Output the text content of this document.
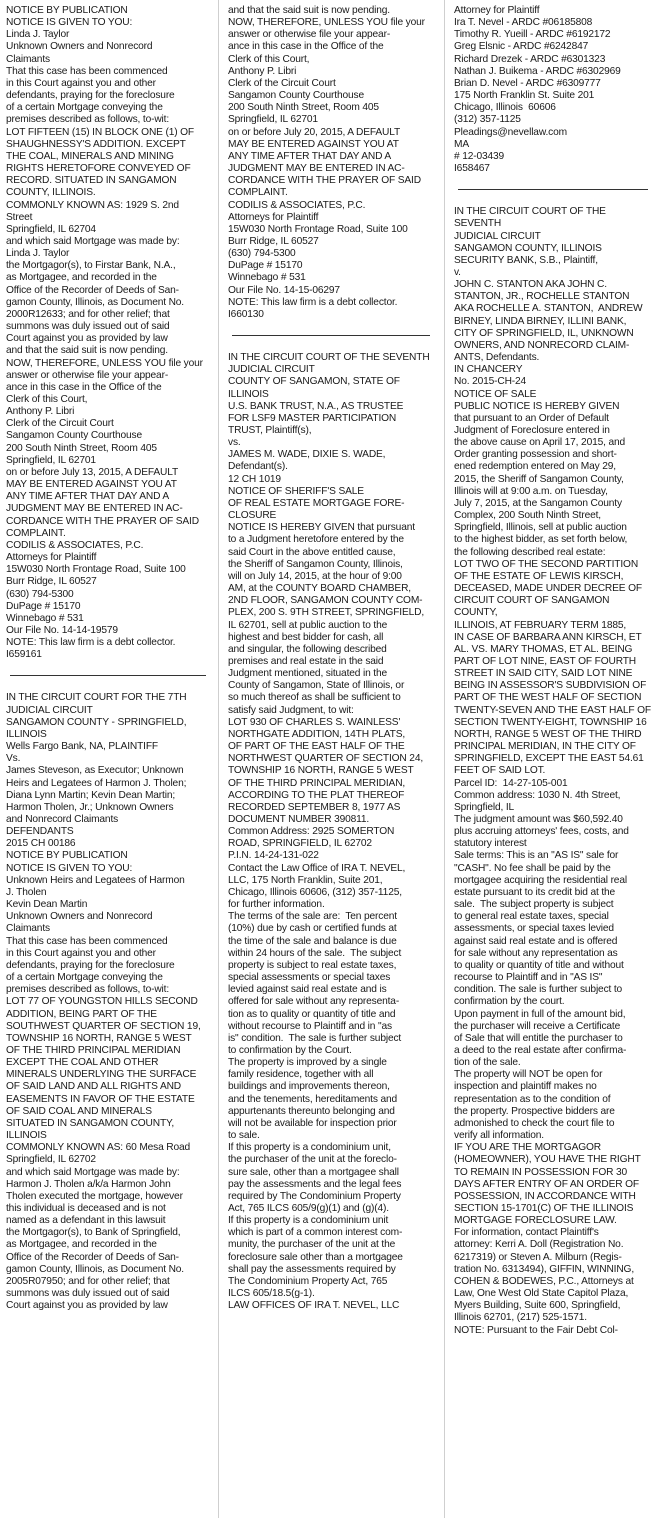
NOTICE BY PUBLICATION
NOTICE IS GIVEN TO YOU:
Linda J. Taylor
Unknown Owners and Nonrecord
Claimants
That this case has been commenced
in this Court against you and other
defendants, praying for the foreclosure
of a certain Mortgage conveying the
premises described as follows, to-wit:
LOT FIFTEEN (15) IN BLOCK ONE (1) OF
SHAUGHNESSY'S ADDITION. EXCEPT
THE COAL, MINERALS AND MINING
RIGHTS HERETOFORE CONVEYED OF
RECORD. SITUATED IN SANGAMON
COUNTY, ILLINOIS.
COMMONLY KNOWN AS: 1929 S. 2nd
Street
Springfield, IL 62704
and which said Mortgage was made by:
Linda J. Taylor
the Mortgagor(s), to Firstar Bank, N.A.,
as Mortgagee, and recorded in the
Office of the Recorder of Deeds of San-
gamon County, Illinois, as Document No.
2000R12633; and for other relief; that
summons was duly issued out of said
Court against you as provided by law
and that the said suit is now pending.
NOW, THEREFORE, UNLESS YOU file your
answer or otherwise file your appear-
ance in this case in the Office of the
Clerk of this Court,
Anthony P. Libri
Clerk of the Circuit Court
Sangamon County Courthouse
200 South Ninth Street, Room 405
Springfield, IL 62701
on or before July 13, 2015, A DEFAULT
MAY BE ENTERED AGAINST YOU AT
ANY TIME AFTER THAT DAY AND A
JUDGMENT MAY BE ENTERED IN AC-
CORDANCE WITH THE PRAYER OF SAID
COMPLAINT.
CODILIS & ASSOCIATES, P.C.
Attorneys for Plaintiff
15W030 North Frontage Road, Suite 100
Burr Ridge, IL 60527
(630) 794-5300
DuPage # 15170
Winnebago # 531
Our File No. 14-14-19579
NOTE: This law firm is a debt collector.
I659161
IN THE CIRCUIT COURT FOR THE 7TH
JUDICIAL CIRCUIT
SANGAMON COUNTY - SPRINGFIELD,
ILLINOIS
Wells Fargo Bank, NA, PLAINTIFF
Vs.
James Steveson, as Executor; Unknown
Heirs and Legatees of Harmon J. Tholen;
Diana Lynn Martin; Kevin Dean Martin;
Harmon Tholen, Jr.; Unknown Owners
and Nonrecord Claimants
DEFENDANTS
2015 CH 00186
NOTICE BY PUBLICATION
NOTICE IS GIVEN TO YOU:
Unknown Heirs and Legatees of Harmon
J. Tholen
Kevin Dean Martin
Unknown Owners and Nonrecord
Claimants
That this case has been commenced
in this Court against you and other
defendants, praying for the foreclosure
of a certain Mortgage conveying the
premises described as follows, to-wit:
LOT 77 OF YOUNGSTON HILLS SECOND
ADDITION, BEING PART OF THE
SOUTHWEST QUARTER OF SECTION 19,
TOWNSHIP 16 NORTH, RANGE 5 WEST
OF THE THIRD PRINCIPAL MERIDIAN
EXCEPT THE COAL AND OTHER
MINERALS UNDERLYING THE SURFACE
OF SAID LAND AND ALL RIGHTS AND
EASEMENTS IN FAVOR OF THE ESTATE
OF SAID COAL AND MINERALS
SITUATED IN SANGAMON COUNTY,
ILLINOIS
COMMONLY KNOWN AS: 60 Mesa Road
Springfield, IL 62702
and which said Mortgage was made by:
Harmon J. Tholen a/k/a Harmon John
Tholen executed the mortgage, however
this individual is deceased and is not
named as a defendant in this lawsuit
the Mortgagor(s), to Bank of Springfield,
as Mortgagee, and recorded in the
Office of the Recorder of Deeds of San-
gamon County, Illinois, as Document No.
2005R07950; and for other relief; that
summons was duly issued out of said
Court against you as provided by law
and that the said suit is now pending.
NOW, THEREFORE, UNLESS YOU file your
answer or otherwise file your appear-
ance in this case in the Office of the
Clerk of this Court,
Anthony P. Libri
Clerk of the Circuit Court
Sangamon County Courthouse
200 South Ninth Street, Room 405
Springfield, IL 62701
on or before July 20, 2015, A DEFAULT
MAY BE ENTERED AGAINST YOU AT
ANY TIME AFTER THAT DAY AND A
JUDGMENT MAY BE ENTERED IN AC-
CORDANCE WITH THE PRAYER OF SAID
COMPLAINT.
CODILIS & ASSOCIATES, P.C.
Attorneys for Plaintiff
15W030 North Frontage Road, Suite 100
Burr Ridge, IL 60527
(630) 794-5300
DuPage # 15170
Winnebago # 531
Our File No. 14-15-06297
NOTE: This law firm is a debt collector.
I660130
IN THE CIRCUIT COURT OF THE SEVENTH
JUDICIAL CIRCUIT
COUNTY OF SANGAMON, STATE OF
ILLINOIS
U.S. BANK TRUST, N.A., AS TRUSTEE
FOR LSF9 MASTER PARTICIPATION
TRUST, Plaintiff(s),
vs.
JAMES M. WADE, DIXIE S. WADE,
Defendant(s).
12 CH 1019
NOTICE OF SHERIFF'S SALE
OF REAL ESTATE MORTGAGE FORE-
CLOSURE
NOTICE IS HEREBY GIVEN that pursuant
to a Judgment heretofore entered by the
said Court in the above entitled cause,
the Sheriff of Sangamon County, Illinois,
will on July 14, 2015, at the hour of 9:00
AM, at the COUNTY BOARD CHAMBER,
2ND FLOOR, SANGAMON COUNTY COM-
PLEX, 200 S. 9TH STREET, SPRINGFIELD,
IL 62701, sell at public auction to the
highest and best bidder for cash, all
and singular, the following described
premises and real estate in the said
Judgment mentioned, situated in the
County of Sangamon, State of Illinois, or
so much thereof as shall be sufficient to
satisfy said Judgment, to wit:
LOT 930 OF CHARLES S. WAINLESS'
NORTHGATE ADDITION, 14TH PLATS,
OF PART OF THE EAST HALF OF THE
NORTHWEST QUARTER OF SECTION 24,
TOWNSHIP 16 NORTH, RANGE 5 WEST
OF THE THIRD PRINCIPAL MERIDIAN,
ACCORDING TO THE PLAT THEREOF
RECORDED SEPTEMBER 8, 1977 AS
DOCUMENT NUMBER 390811.
Common Address: 2925 SOMERTON
ROAD, SPRINGFIELD, IL 62702
P.I.N. 14-24-131-022
Contact the Law Office of IRA T. NEVEL,
LLC, 175 North Franklin, Suite 201,
Chicago, Illinois 60606, (312) 357-1125,
for further information.
The terms of the sale are:  Ten percent
(10%) due by cash or certified funds at
the time of the sale and balance is due
within 24 hours of the sale.  The subject
property is subject to real estate taxes,
special assessments or special taxes
levied against said real estate and is
offered for sale without any representa-
tion as to quality or quantity of title and
without recourse to Plaintiff and in "as
is" condition.  The sale is further subject
to confirmation by the Court.
The property is improved by a single
family residence, together with all
buildings and improvements thereon,
and the tenements, hereditaments and
appurtenants thereunto belonging and
will not be available for inspection prior
to sale.
If this property is a condominium unit,
the purchaser of the unit at the foreclo-
sure sale, other than a mortgagee shall
pay the assessments and the legal fees
required by The Condominium Property
Act, 765 ILCS 605/9(g)(1) and (g)(4).
If this property is a condominium unit
which is part of a common interest com-
munity, the purchaser of the unit at the
foreclosure sale other than a mortgagee
shall pay the assessments required by
The Condominium Property Act, 765
ILCS 605/18.5(g-1).
LAW OFFICES OF IRA T. NEVEL, LLC
Attorney for Plaintiff
Ira T. Nevel - ARDC #06185808
Timothy R. Yueill - ARDC #6192172
Greg Elsnic - ARDC #6242847
Richard Drezek - ARDC #6301323
Nathan J. Buikema - ARDC #6302969
Brian D. Nevel - ARDC #6309777
175 North Franklin St. Suite 201
Chicago, Illinois  60606
(312) 357-1125
Pleadings@nevellaw.com
MA
# 12-03439
I658467
IN THE CIRCUIT COURT OF THE SEVENTH
JUDICIAL CIRCUIT
SANGAMON COUNTY, ILLINOIS
SECURITY BANK, S.B., Plaintiff,
v.
JOHN C. STANTON AKA JOHN C.
STANTON, JR., ROCHELLE STANTON
AKA ROCHELLE A. STANTON,  ANDREW
BIRNEY, LINDA BIRNEY, ILLINI BANK,
CITY OF SPRINGFIELD, IL, UNKNOWN
OWNERS, AND NONRECORD CLAIM-
ANTS, Defendants.
IN CHANCERY
No. 2015-CH-24
NOTICE OF SALE
PUBLIC NOTICE IS HEREBY GIVEN
that pursuant to an Order of Default
Judgment of Foreclosure entered in
the above cause on April 17, 2015, and
Order granting possession and short-
ened redemption entered on May 29,
2015, the Sheriff of Sangamon County,
Illinois will at 9:00 a.m. on Tuesday,
July 7, 2015, at the Sangamon County
Complex, 200 South Ninth Street,
Springfield, Illinois, sell at public auction
to the highest bidder, as set forth below,
the following described real estate:
LOT TWO OF THE SECOND PARTITION
OF THE ESTATE OF LEWIS KIRSCH,
DECEASED, MADE UNDER DECREE OF
CIRCUIT COURT OF SANGAMON COUNTY,
ILLINOIS, AT FEBRUARY TERM 1885,
IN CASE OF BARBARA ANN KIRSCH, ET
AL. VS. MARY THOMAS, ET AL. BEING
PART OF LOT NINE, EAST OF FOURTH
STREET IN SAID CITY, SAID LOT NINE
BEING IN ASSESSOR'S SUBDIVISION OF
PART OF THE WEST HALF OF SECTION
TWENTY-SEVEN AND THE EAST HALF OF
SECTION TWENTY-EIGHT, TOWNSHIP 16
NORTH, RANGE 5 WEST OF THE THIRD
PRINCIPAL MERIDIAN, IN THE CITY OF
SPRINGFIELD, EXCEPT THE EAST 54.61
FEET OF SAID LOT.
Parcel ID:  14-27-105-001
Common address: 1030 N. 4th Street,
Springfield, IL
The judgment amount was $60,592.40
plus accruing attorneys' fees, costs, and
statutory interest
Sale terms: This is an "AS IS" sale for
"CASH". No fee shall be paid by the
mortgagee acquiring the residential real
estate pursuant to its credit bid at the
sale.  The subject property is subject
to general real estate taxes, special
assessments, or special taxes levied
against said real estate and is offered
for sale without any representation as
to quality or quantity of title and without
recourse to Plaintiff and in "AS IS"
condition. The sale is further subject to
confirmation by the court.
Upon payment in full of the amount bid,
the purchaser will receive a Certificate
of Sale that will entitle the purchaser to
a deed to the real estate after confirma-
tion of the sale.
The property will NOT be open for
inspection and plaintiff makes no
representation as to the condition of
the property. Prospective bidders are
admonished to check the court file to
verify all information.
IF YOU ARE THE MORTGAGOR
(HOMEOWNER), YOU HAVE THE RIGHT
TO REMAIN IN POSSESSION FOR 30
DAYS AFTER ENTRY OF AN ORDER OF
POSSESSION, IN ACCORDANCE WITH
SECTION 15-1701(C) OF THE ILLINOIS
MORTGAGE FORECLOSURE LAW.
For information, contact Plaintiff's
attorney: Kerri A. Doll (Registration No.
6217319) or Steven A. Milburn (Regis-
tration No. 6313494), GIFFIN, WINNING,
COHEN & BODEWES, P.C., Attorneys at
Law, One West Old State Capitol Plaza,
Myers Building, Suite 600, Springfield,
Illinois 62701, (217) 525-1571.
NOTE: Pursuant to the Fair Debt Col-
